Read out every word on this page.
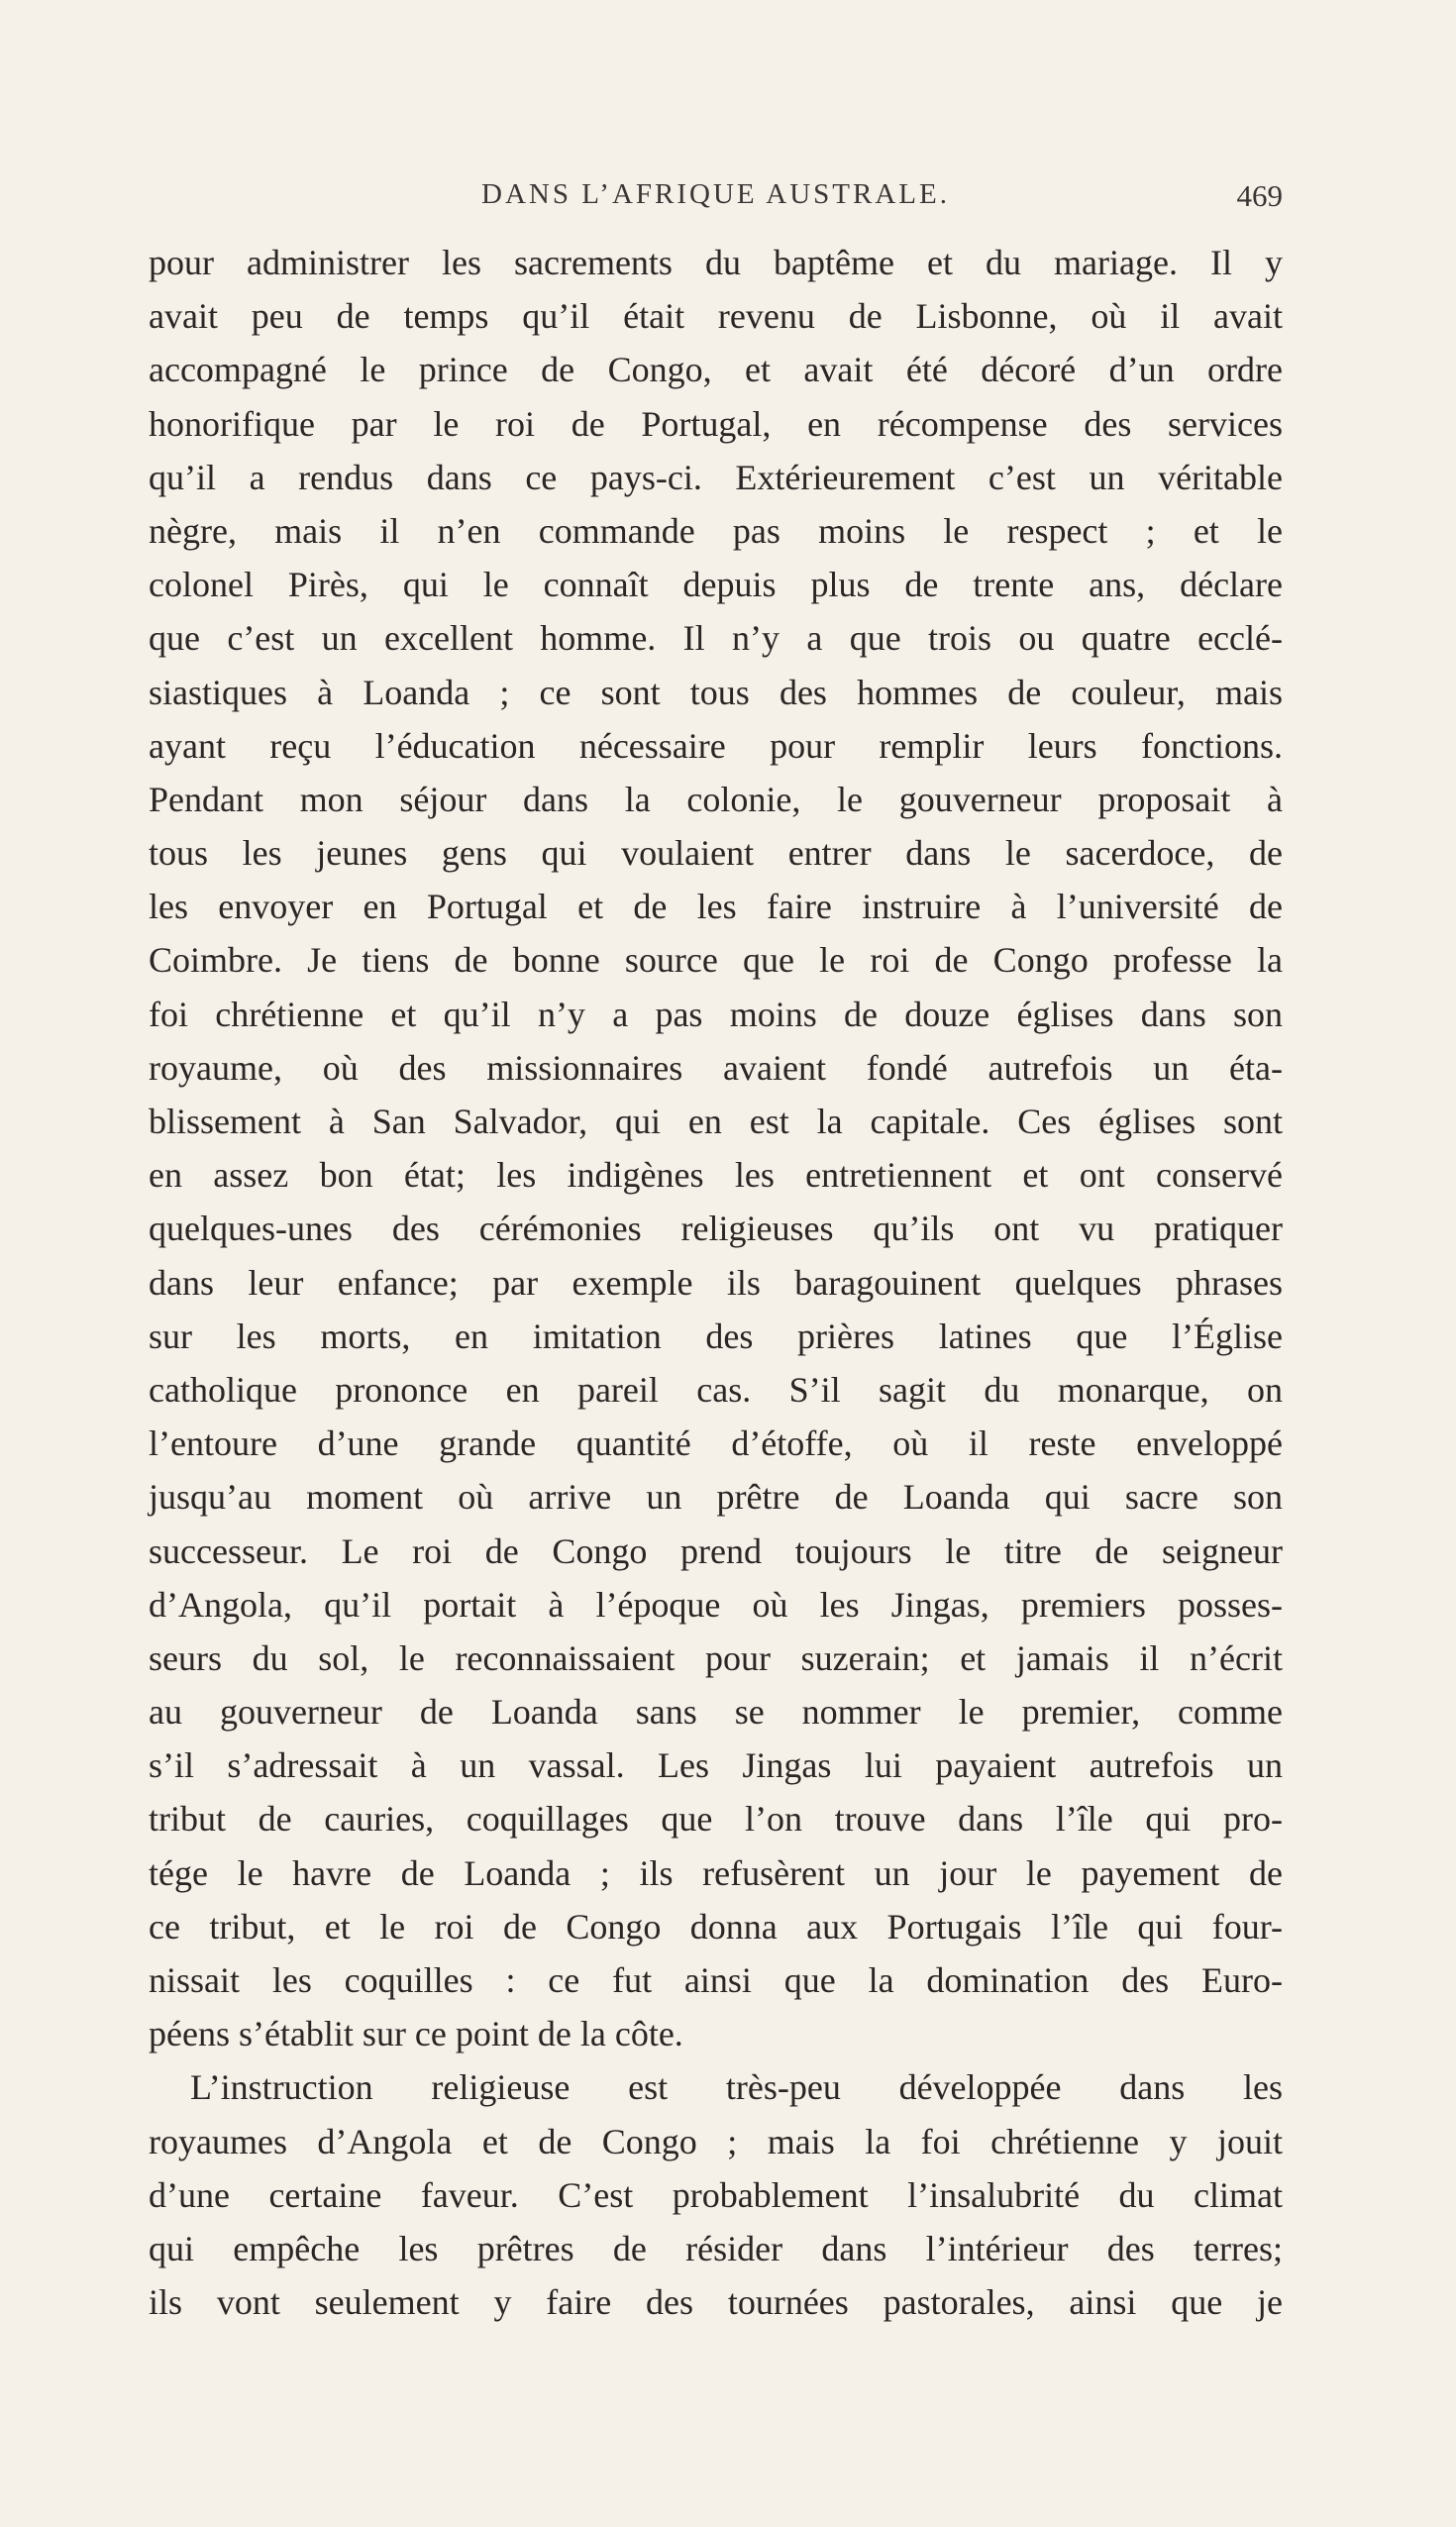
DANS L’AFRIQUE AUSTRALE.	469
pour administrer les sacrements du baptême et du mariage. Il y
avait peu de temps qu’il était revenu de Lisbonne, où il avait
accompagné le prince de Congo, et avait été décoré d’un ordre
honorifique par le roi de Portugal, en récompense des services
qu’il a rendus dans ce pays-ci. Extérieurement c’est un véritable
nègre, mais il n’en commande pas moins le respect ; et le
colonel Pirès, qui le connaît depuis plus de trente ans, déclare
que c’est un excellent homme. Il n’y a que trois ou quatre ecclé-
siastiques à Loanda ; ce sont tous des hommes de couleur, mais
ayant reçu l’éducation nécessaire pour remplir leurs fonctions.
Pendant mon séjour dans la colonie, le gouverneur proposait à
tous les jeunes gens qui voulaient entrer dans le sacerdoce, de
les envoyer en Portugal et de les faire instruire à l’université de
Coimbre. Je tiens de bonne source que le roi de Congo professe la
foi chrétienne et qu’il n’y a pas moins de douze églises dans son
royaume, où des missionnaires avaient fondé autrefois un éta-
blissement à San Salvador, qui en est la capitale. Ces églises sont
en assez bon état; les indigènes les entretiennent et ont conservé
quelques-unes des cérémonies religieuses qu’ils ont vu pratiquer
dans leur enfance; par exemple ils baragouinent quelques phrases
sur les morts, en imitation des prières latines que l’Église
catholique prononce en pareil cas. S’il sagit du monarque, on
l’entoure d’une grande quantité d’étoffe, où il reste enveloppé
jusqu’au moment où arrive un prêtre de Loanda qui sacre son
successeur. Le roi de Congo prend toujours le titre de seigneur
d’Angola, qu’il portait à l’époque où les Jingas, premiers posses-
seurs du sol, le reconnaissaient pour suzerain; et jamais il n’écrit
au gouverneur de Loanda sans se nommer le premier, comme
s’il s’adressait à un vassal. Les Jingas lui payaient autrefois un
tribut de cauries, coquillages que l’on trouve dans l’île qui pro-
tége le havre de Loanda ; ils refusèrent un jour le payement de
ce tribut, et le roi de Congo donna aux Portugais l’île qui four-
nissait les coquilles : ce fut ainsi que la domination des Euro-
péens s’établit sur ce point de la côte.
L’instruction religieuse est très-peu développée dans les
royaumes d’Angola et de Congo ; mais la foi chrétienne y jouit
d’une certaine faveur. C’est probablement l’insalubrité du climat
qui empêche les prêtres de résider dans l’intérieur des terres;
ils vont seulement y faire des tournées pastorales, ainsi que je
